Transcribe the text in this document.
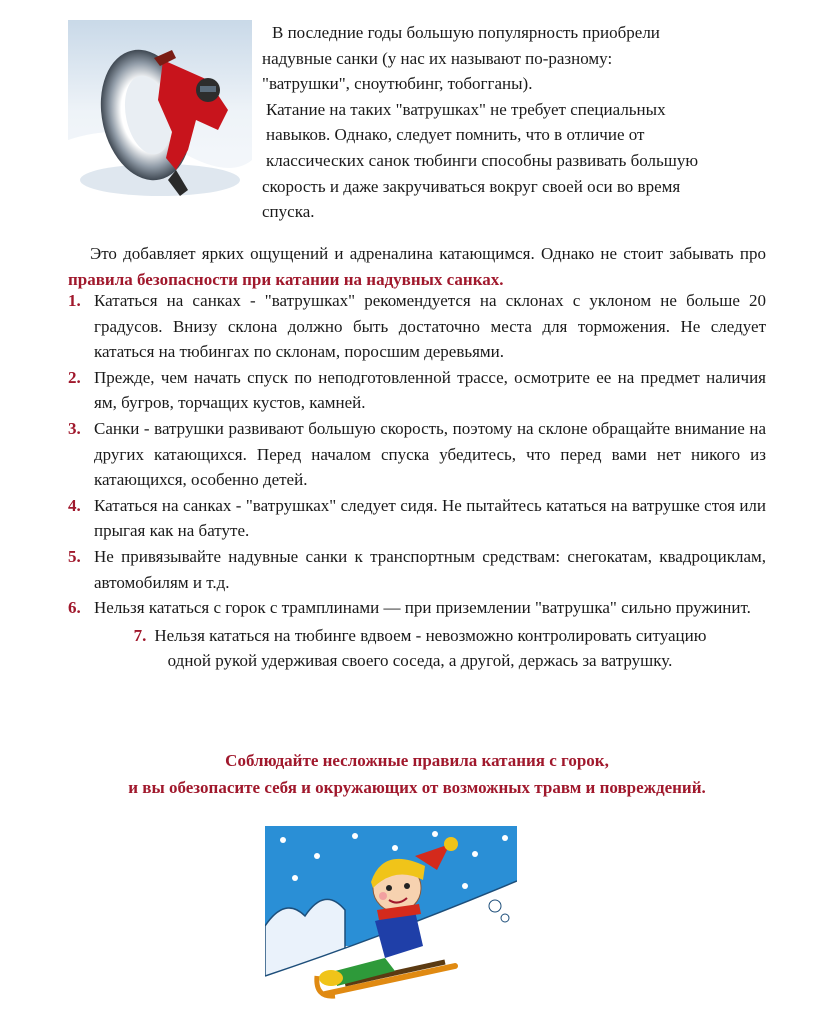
В последние годы большую популярность приобрели

надувные санки (у нас их называют по-разному:

"ватрушки", сноутюбинг, тобогганы).

Катание на таких "ватрушках" не требует специальных

навыков. Однако, следует помнить, что в отличие от

классических санок тюбинги способны развивать большую

скорость и даже закручиваться вокруг своей оси во время

спуска.

Это добавляет ярких ощущений и адреналина катающимся. Однако не стоит забывать про правила безопасности при катании на надувных санках.

1. Кататься на санках - "ватрушках" рекомендуется на склонах с уклоном не больше 20 градусов. Внизу склона должно быть достаточно места для торможения. Не следует кататься на тюбингах по склонам, поросшим деревьями.
2. Прежде, чем начать спуск по неподготовленной трассе, осмотрите ее на предмет наличия ям, бугров, торчащих кустов, камней.
3. Санки - ватрушки развивают большую скорость, поэтому на склоне обращайте внимание на других катающихся. Перед началом спуска убедитесь, что перед вами нет никого из катающихся, особенно детей.
4. Кататься на санках - "ватрушках" следует сидя. Не пытайтесь кататься на ватрушке стоя или прыгая как на батуте.
5. Не привязывайте надувные санки к транспортным средствам: снегокатам, квадроциклам, автомобилям и т.д.
6. Нельзя кататься с горок с трамплинами — при приземлении "ватрушка" сильно пружинит.
7. Нельзя кататься на тюбинге вдвоем - невозможно контролировать ситуацию
одной рукой удерживая своего соседа, а другой, держась за ватрушку.

Соблюдайте несложные правила катания с горок,

и вы обезопасите себя и окружающих от возможных травм и повреждений.
